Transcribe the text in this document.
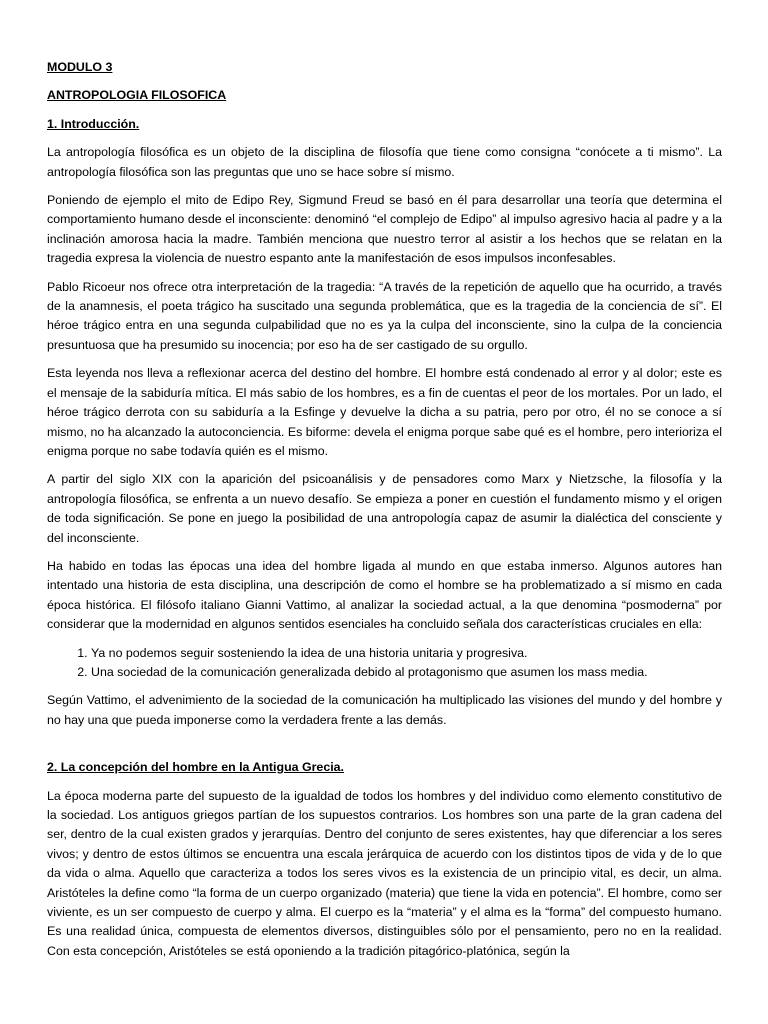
MODULO 3
ANTROPOLOGIA FILOSOFICA
1. Introducción.

La antropología filosófica es un objeto de la disciplina de filosofía que tiene como consigna “conócete a ti mismo”. La antropología filosófica son las preguntas que uno se hace sobre sí mismo.

Poniendo de ejemplo el mito de Edipo Rey, Sigmund Freud se basó en él para desarrollar una teoría que determina el comportamiento humano desde el inconsciente: denominó “el complejo de Edipo” al impulso agresivo hacia al padre y a la inclinación amorosa hacia la madre. También menciona que nuestro terror al asistir a los hechos que se relatan en la tragedia expresa la violencia de nuestro espanto ante la manifestación de esos impulsos inconfesables.

Pablo Ricoeur nos ofrece otra interpretación de la tragedia: “A través de la repetición de aquello que ha ocurrido, a través de la anamnesis, el poeta trágico ha suscitado una segunda problemática, que es la tragedia de la conciencia de sí”. El héroe trágico entra en una segunda culpabilidad que no es ya la culpa del inconsciente, sino la culpa de la conciencia presuntuosa que ha presumido su inocencia; por eso ha de ser castigado de su orgullo.

Esta leyenda nos lleva a reflexionar acerca del destino del hombre. El hombre está condenado al error y al dolor; este es el mensaje de la sabiduría mítica. El más sabio de los hombres, es a fin de cuentas el peor de los mortales. Por un lado, el héroe trágico derrota con su sabiduría a la Esfinge y devuelve la dicha a su patria, pero por otro, él no se conoce a sí mismo, no ha alcanzado la autoconciencia. Es biforme: devela el enigma porque sabe qué es el hombre, pero interioriza el enigma porque no sabe todavía quién es el mismo.

A partir del siglo XIX con la aparición del psicoanálisis y de pensadores como Marx y Nietzsche, la filosofía y la antropología filosófica, se enfrenta a un nuevo desafío. Se empieza a poner en cuestión el fundamento mismo y el origen de toda significación. Se pone en juego la posibilidad de una antropología capaz de asumir la dialéctica del consciente y del inconsciente.

Ha habido en todas las épocas una idea del hombre ligada al mundo en que estaba inmerso. Algunos autores han intentado una historia de esta disciplina, una descripción de como el hombre se ha problematizado a sí mismo en cada época histórica. El filósofo italiano Gianni Vattimo, al analizar la sociedad actual, a la que denomina “posmoderna” por considerar que la modernidad en algunos sentidos esenciales ha concluido señala dos características cruciales en ella:

1. Ya no podemos seguir sosteniendo la idea de una historia unitaria y progresiva.
2. Una sociedad de la comunicación generalizada debido al protagonismo que asumen los mass media.

Según Vattimo, el advenimiento de la sociedad de la comunicación ha multiplicado las visiones del mundo y del hombre y no hay una que pueda imponerse como la verdadera frente a las demás.

2. La concepción del hombre en la Antigua Grecia.

La época moderna parte del supuesto de la igualdad de todos los hombres y del individuo como elemento constitutivo de la sociedad. Los antiguos griegos partían de los supuestos contrarios. Los hombres son una parte de la gran cadena del ser, dentro de la cual existen grados y jerarquías. Dentro del conjunto de seres existentes, hay que diferenciar a los seres vivos; y dentro de estos últimos se encuentra una escala jerárquica de acuerdo con los distintos tipos de vida y de lo que da vida o alma. Aquello que caracteriza a todos los seres vivos es la existencia de un principio vital, es decir, un alma. Aristóteles la define como “la forma de un cuerpo organizado (materia) que tiene la vida en potencia”. El hombre, como ser viviente, es un ser compuesto de cuerpo y alma. El cuerpo es la “materia” y el alma es la “forma” del compuesto humano. Es una realidad única, compuesta de elementos diversos, distinguibles sólo por el pensamiento, pero no en la realidad. Con esta concepción, Aristóteles se está oponiendo a la tradición pitagórico-platónica, según la
